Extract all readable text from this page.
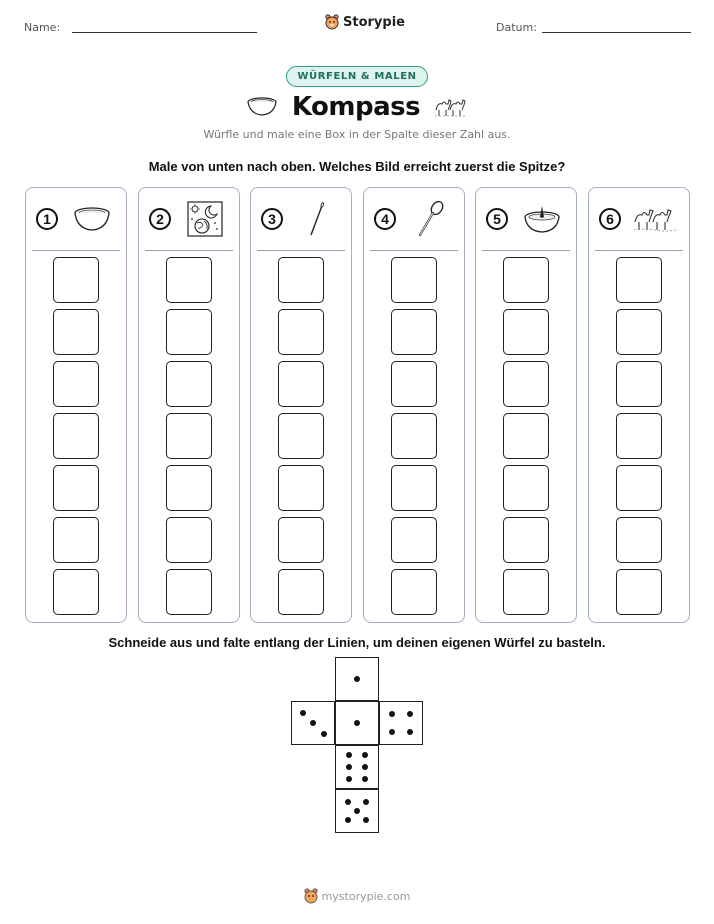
Name:	Storypie	Datum:
WÜRFELN & MALEN
Kompass
Würfle und male eine Box in der Spalte dieser Zahl aus.
Male von unten nach oben. Welches Bild erreicht zuerst die Spitze?
1	2	3	4	5	6
Schneide aus und falte entlang der Linien, um deinen eigenen Würfel zu basteln.
mystorypie.com
